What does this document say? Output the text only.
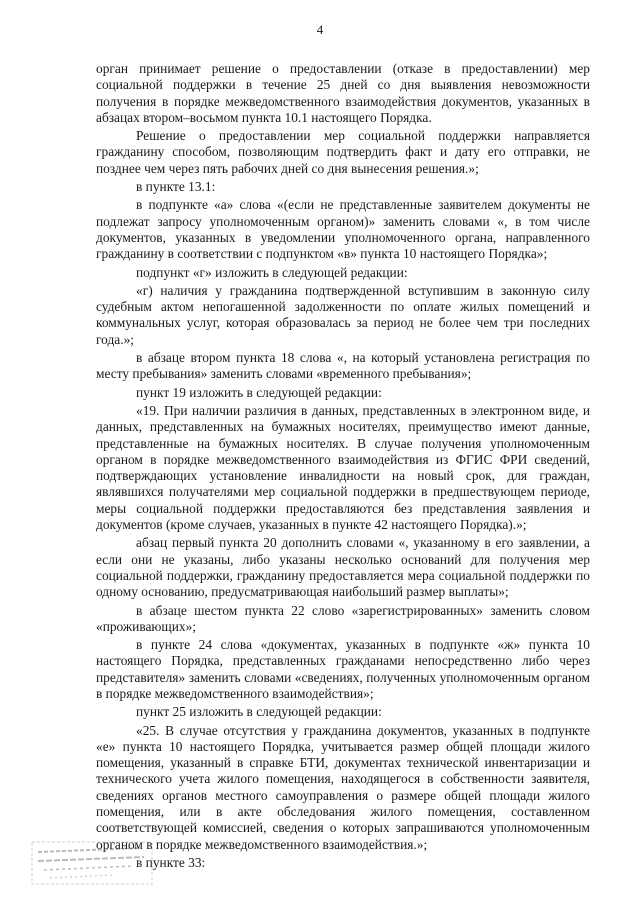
4

орган принимает решение о предоставлении (отказе в предоставлении) мер социальной поддержки в течение 25 дней со дня выявления невозможности получения в порядке межведомственного взаимодействия документов, указанных в абзацах втором–восьмом пункта 10.1 настоящего Порядка.

Решение о предоставлении мер социальной поддержки направляется гражданину способом, позволяющим подтвердить факт и дату его отправки, не позднее чем через пять рабочих дней со дня вынесения решения.»;

в пункте 13.1:

в подпункте «а» слова «(если не представленные заявителем документы не подлежат запросу уполномоченным органом)» заменить словами «, в том числе документов, указанных в уведомлении уполномоченного органа, направленного гражданину в соответствии с подпунктом «в» пункта 10 настоящего Порядка»;

подпункт «г» изложить в следующей редакции:

«г) наличия у гражданина подтвержденной вступившим в законную силу судебным актом непогашенной задолженности по оплате жилых помещений и коммунальных услуг, которая образовалась за период не более чем три последних года.»;

в абзаце втором пункта 18 слова «, на который установлена регистрация по месту пребывания» заменить словами «временного пребывания»;

пункт 19 изложить в следующей редакции:

«19. При наличии различия в данных, представленных в электронном виде, и данных, представленных на бумажных носителях, преимущество имеют данные, представленные на бумажных носителях. В случае получения уполномоченным органом в порядке межведомственного взаимодействия из ФГИС ФРИ сведений, подтверждающих установление инвалидности на новый срок, для граждан, являвшихся получателями мер социальной поддержки в предшествующем периоде, меры социальной поддержки предоставляются без представления заявления и документов (кроме случаев, указанных в пункте 42 настоящего Порядка).»;

абзац первый пункта 20 дополнить словами «, указанному в его заявлении, а если они не указаны, либо указаны несколько оснований для получения мер социальной поддержки, гражданину предоставляется мера социальной поддержки по одному основанию, предусматривающая наибольший размер выплаты»;

в абзаце шестом пункта 22 слово «зарегистрированных» заменить словом «проживающих»;

в пункте 24 слова «документах, указанных в подпункте «ж» пункта 10 настоящего Порядка, представленных гражданами непосредственно либо через представителя» заменить словами «сведениях, полученных уполномоченным органом в порядке межведомственного взаимодействия»;

пункт 25 изложить в следующей редакции:

«25. В случае отсутствия у гражданина документов, указанных в подпункте «е» пункта 10 настоящего Порядка, учитывается размер общей площади жилого помещения, указанный в справке БТИ, документах технической инвентаризации и технического учета жилого помещения, находящегося в собственности заявителя, сведениях органов местного самоуправления о размере общей площади жилого помещения, или в акте обследования жилого помещения, составленном соответствующей комиссией, сведения о которых запрашиваются уполномоченным органом в порядке межведомственного взаимодействия.»;

в пункте 33:
